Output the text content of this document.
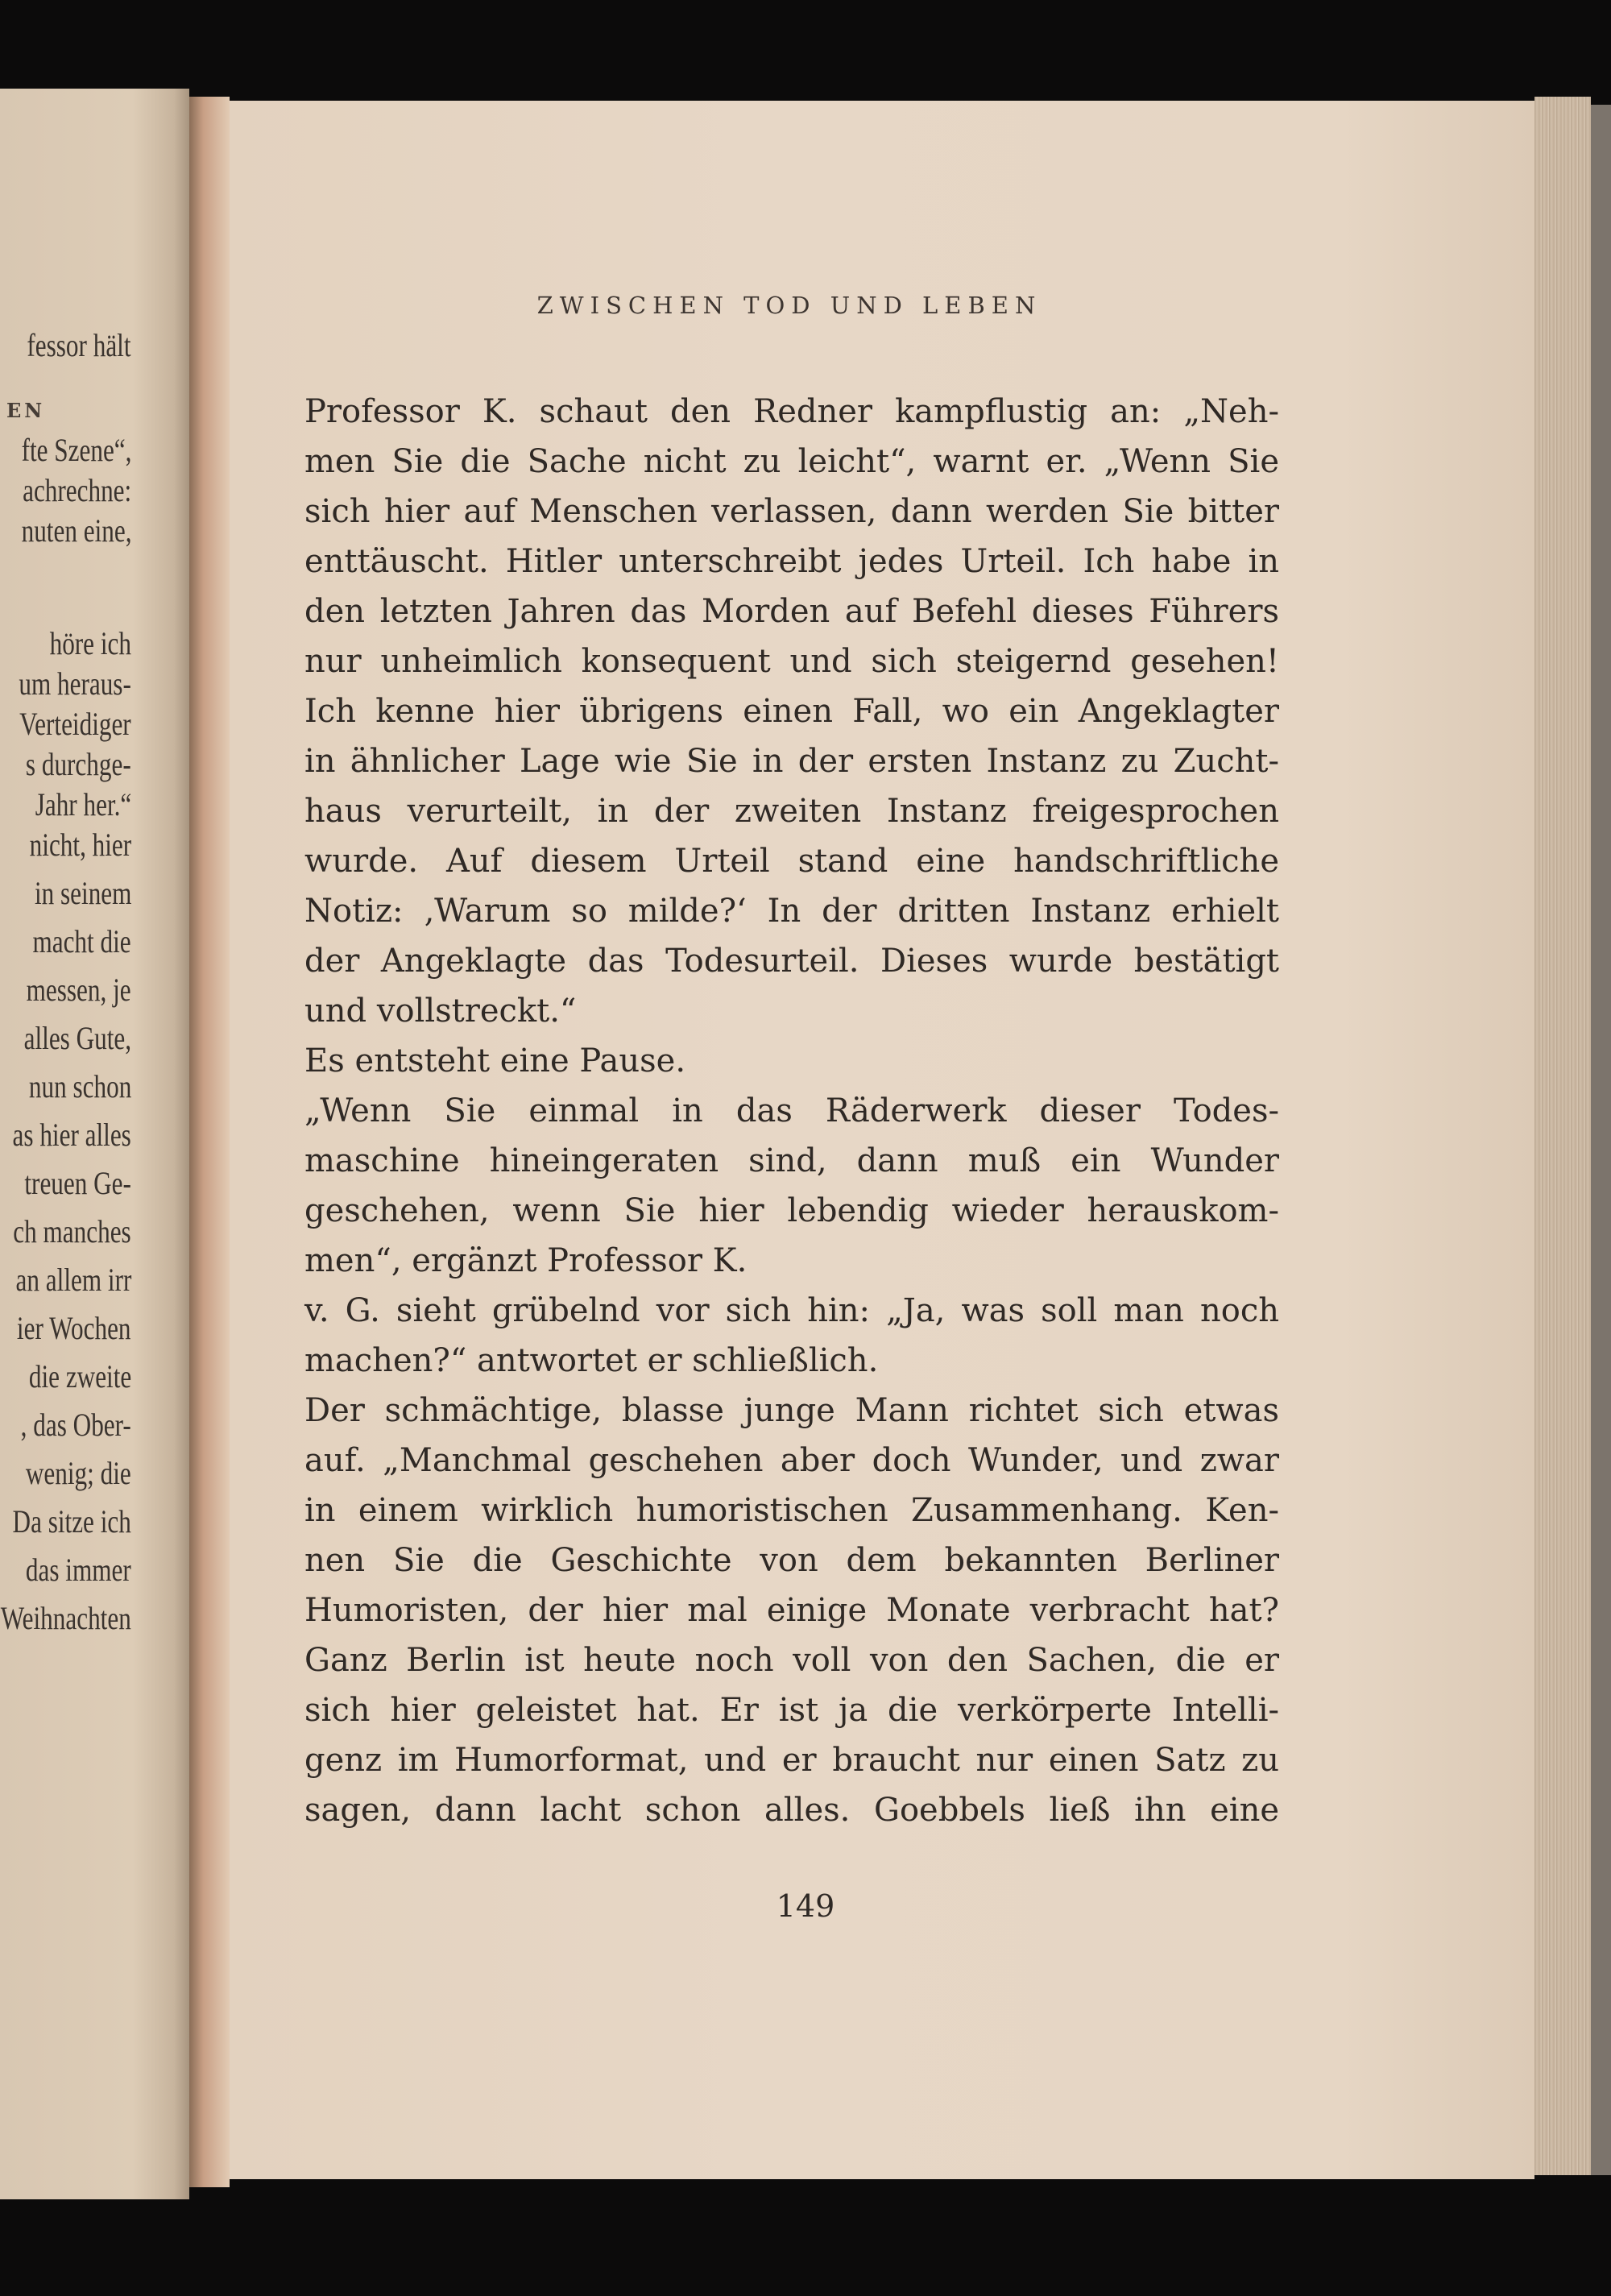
EN
fessor hält
fte Szene“,
achrechne:
nuten eine,
höre ich
um heraus-
Verteidiger
s durchge-
Jahr her.“
nicht, hier
in seinem
macht die
messen, je
alles Gute,
nun schon
as hier alles
treuen Ge-
ch manches
an allem irr
ier Wochen
die zweite
, das Ober-
wenig; die
Da sitze ich
das immer
Weihnachten
ZWISCHEN TOD UND LEBEN
Professor K. schaut den Redner kampflustig an: „Neh-
men Sie die Sache nicht zu leicht“, warnt er. „Wenn Sie
sich hier auf Menschen verlassen, dann werden Sie bitter
enttäuscht. Hitler unterschreibt jedes Urteil. Ich habe in
den letzten Jahren das Morden auf Befehl dieses Führers
nur unheimlich konsequent und sich steigernd gesehen!
Ich kenne hier übrigens einen Fall, wo ein Angeklagter
in ähnlicher Lage wie Sie in der ersten Instanz zu Zucht-
haus verurteilt, in der zweiten Instanz freigesprochen
wurde. Auf diesem Urteil stand eine handschriftliche
Notiz: ‚Warum so milde?‘ In der dritten Instanz erhielt
der Angeklagte das Todesurteil. Dieses wurde bestätigt
und vollstreckt.“
Es entsteht eine Pause.
„Wenn Sie einmal in das Räderwerk dieser Todes-
maschine hineingeraten sind, dann muß ein Wunder
geschehen, wenn Sie hier lebendig wieder herauskom-
men“, ergänzt Professor K.
v. G. sieht grübelnd vor sich hin: „Ja, was soll man noch
machen?“ antwortet er schließlich.
Der schmächtige, blasse junge Mann richtet sich etwas
auf. „Manchmal geschehen aber doch Wunder, und zwar
in einem wirklich humoristischen Zusammenhang. Ken-
nen Sie die Geschichte von dem bekannten Berliner
Humoristen, der hier mal einige Monate verbracht hat?
Ganz Berlin ist heute noch voll von den Sachen, die er
sich hier geleistet hat. Er ist ja die verkörperte Intelli-
genz im Humorformat, und er braucht nur einen Satz zu
sagen, dann lacht schon alles. Goebbels ließ ihn eine
149
